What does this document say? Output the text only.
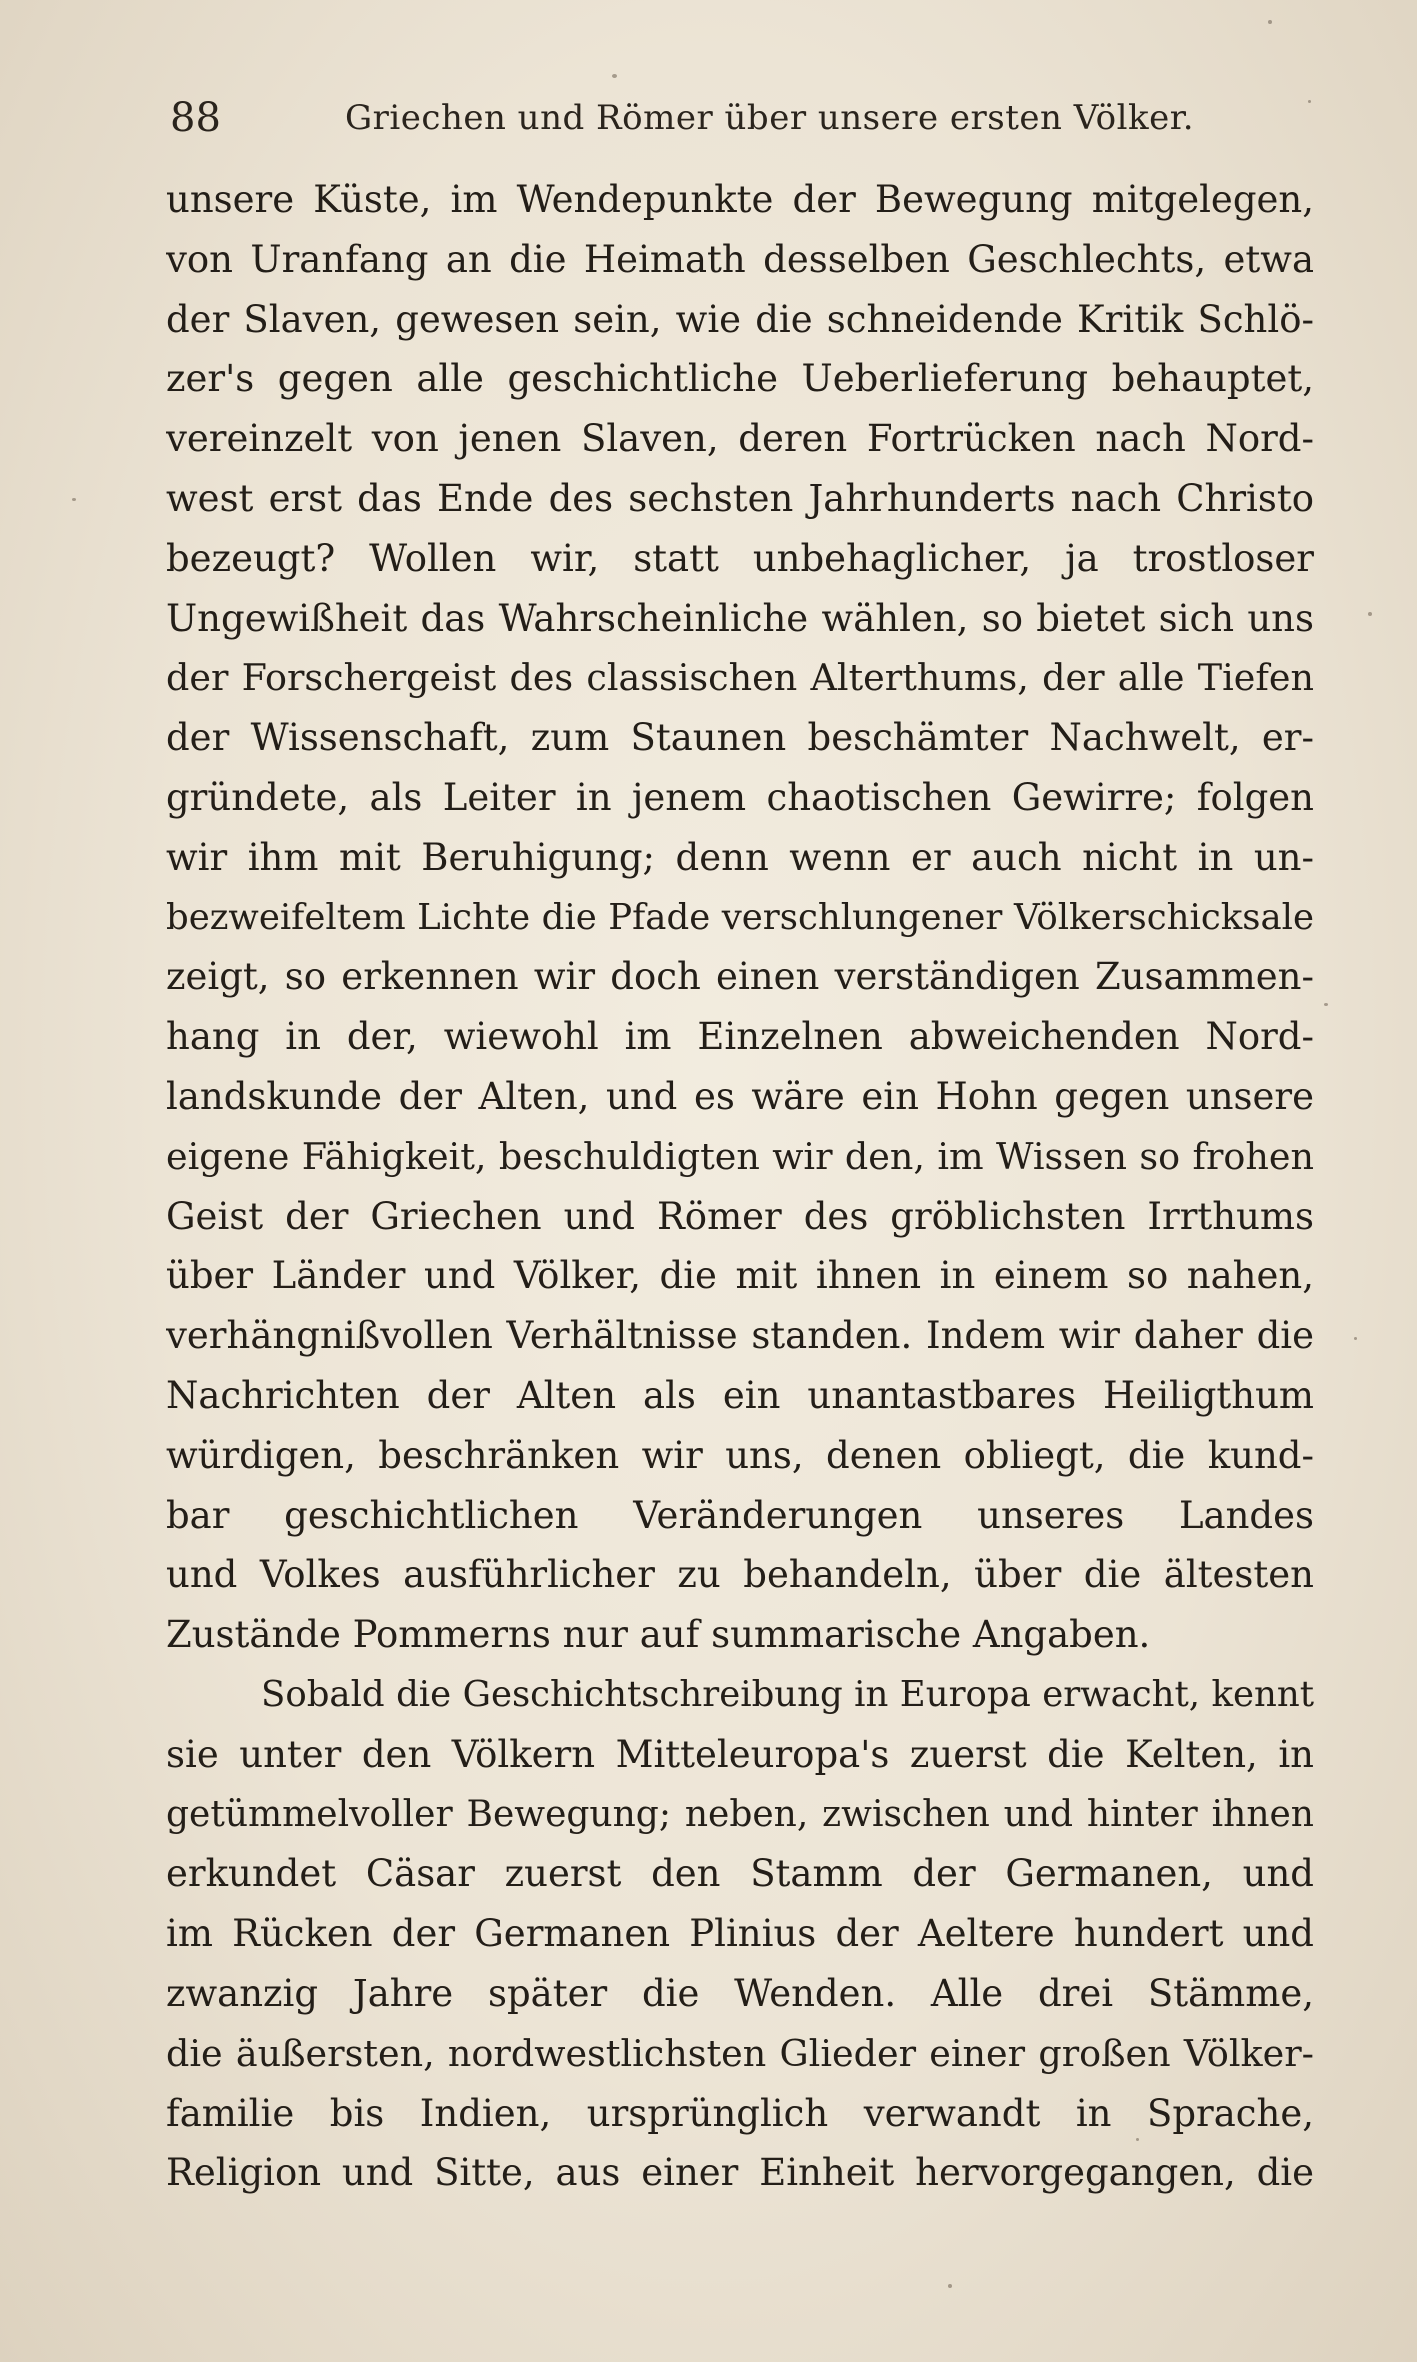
88	Griechen und Römer über unsere ersten Völker.
unsere Küste, im Wendepunkte der Bewegung mitgelegen,
von Uranfang an die Heimath desselben Geschlechts, etwa
der Slaven, gewesen sein, wie die schneidende Kritik Schlö-
zer's gegen alle geschichtliche Ueberlieferung behauptet,
vereinzelt von jenen Slaven, deren Fortrücken nach Nord-
west erst das Ende des sechsten Jahrhunderts nach Christo
bezeugt? Wollen wir, statt unbehaglicher, ja trostloser
Ungewißheit das Wahrscheinliche wählen, so bietet sich uns
der Forschergeist des classischen Alterthums, der alle Tiefen
der Wissenschaft, zum Staunen beschämter Nachwelt, er-
gründete, als Leiter in jenem chaotischen Gewirre; folgen
wir ihm mit Beruhigung; denn wenn er auch nicht in un-
bezweifeltem Lichte die Pfade verschlungener Völkerschicksale
zeigt, so erkennen wir doch einen verständigen Zusammen-
hang in der, wiewohl im Einzelnen abweichenden Nord-
landskunde der Alten, und es wäre ein Hohn gegen unsere
eigene Fähigkeit, beschuldigten wir den, im Wissen so frohen
Geist der Griechen und Römer des gröblichsten Irrthums
über Länder und Völker, die mit ihnen in einem so nahen,
verhängnißvollen Verhältnisse standen. Indem wir daher die
Nachrichten der Alten als ein unantastbares Heiligthum
würdigen, beschränken wir uns, denen obliegt, die kund-
bar geschichtlichen Veränderungen unseres Landes
und Volkes ausführlicher zu behandeln, über die ältesten
Zustände Pommerns nur auf summarische Angaben.
Sobald die Geschichtschreibung in Europa erwacht, kennt
sie unter den Völkern Mitteleuropa's zuerst die Kelten, in
getümmelvoller Bewegung; neben, zwischen und hinter ihnen
erkundet Cäsar zuerst den Stamm der Germanen, und
im Rücken der Germanen Plinius der Aeltere hundert und
zwanzig Jahre später die Wenden. Alle drei Stämme,
die äußersten, nordwestlichsten Glieder einer großen Völker-
familie bis Indien, ursprünglich verwandt in Sprache,
Religion und Sitte, aus einer Einheit hervorgegangen, die
